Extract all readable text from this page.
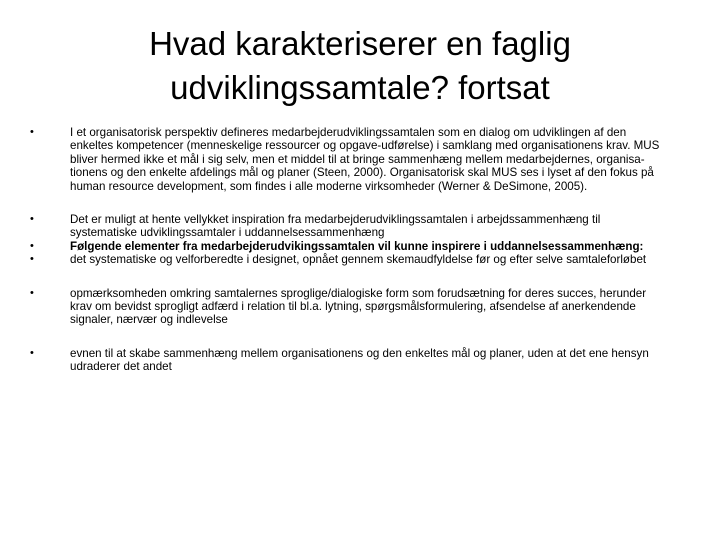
Hvad karakteriserer en faglig
udviklingssamtale? fortsat
•	I et organisatorisk perspektiv defineres medarbejderudviklingssamtalen som en dialog om udviklingen af den enkeltes kompetencer (menneskelige ressourcer og opgave-udførelse) i samklang med organisationens krav. MUS bliver hermed ikke et mål i sig selv, men et middel til at bringe sammenhæng mellem medarbejdernes, organisa-tionens og den enkelte afdelings mål og planer (Steen, 2000). Organisatorisk skal MUS ses i lyset af den fokus på human resource development, som findes i alle moderne virksomheder (Werner & DeSimone, 2005).
•	Det er muligt at hente vellykket inspiration fra medarbejderudviklingssamtalen i arbejdssammenhæng til systematiske udviklingssamtaler i uddannelsessammenhæng
•	Følgende elementer fra medarbejderudvikingssamtalen vil kunne inspirere i uddannelsessammenhæng:
•	det systematiske og velforberedte i designet, opnået gennem skemaudfyldelse før og efter selve samtaleforløbet
•	opmærksomheden omkring samtalernes sproglige/dialogiske form som forudsætning for deres succes, herunder krav om bevidst sprogligt adfærd i relation til bl.a. lytning, spørgsmålsformulering, afsendelse af anerkendende signaler, nærvær og indlevelse
•	evnen til at skabe sammenhæng mellem organisationens og den enkeltes mål og planer, uden at det ene hensyn udraderer det andet
